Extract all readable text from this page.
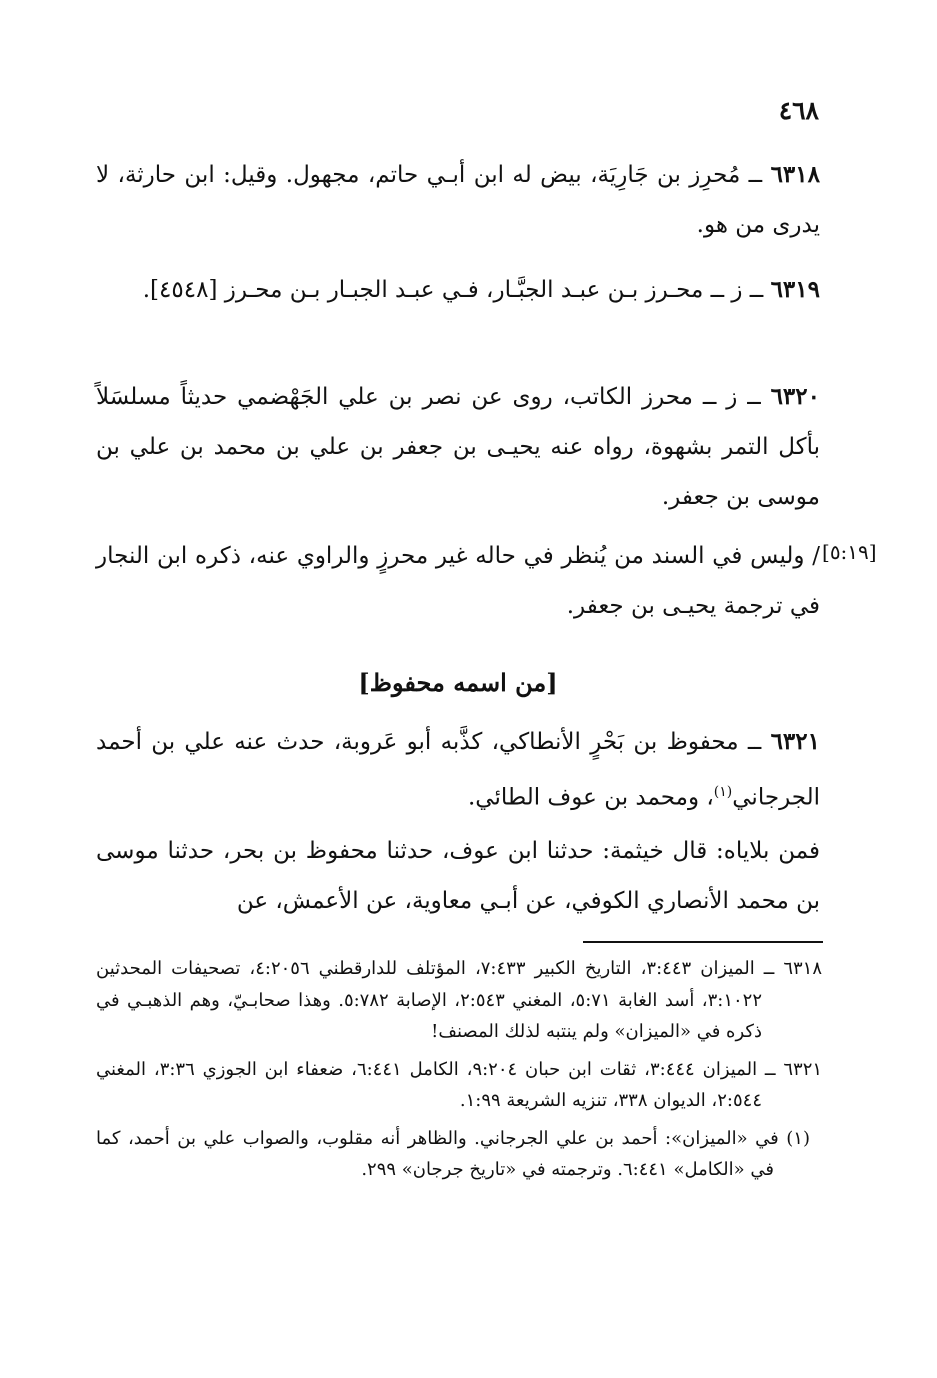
٤٦٨

٦٣١٨ ــ مُحرِز بن جَارِيَة، بيض له ابن أبـي حاتم، مجهول. وقيل: ابن حارثة، لا يدرى من هو.

٦٣١٩ ــ ز ــ محـرز بـن عبـد الجبَّـار، فـي عبـد الجبـار بـن محـرز [٤٥٤٨].

٦٣٢٠ ــ ز ــ محرز الكاتب، روى عن نصر بن علي الجَهْضمي حديثاً مسلسَلاً بأكل التمر بشهوة، رواه عنه يحيـى بن جعفر بن علي بن محمد بن علي بن موسى بن جعفر.

/ وليس في السند من يُنظر في حاله غير محرزٍ والراوي عنه، ذكره ابن النجار في ترجمة يحيـى بن جعفر.

[٥:١٩]
[من اسمه محفوظ]

٦٣٢١ ــ محفوظ بن بَحْرٍ الأنطاكي، كذَّبه أبو عَروبة، حدث عنه علي بن أحمد الجرجاني$^{(١)}$، ومحمد بن عوف الطائي.

فمن بلاياه: قال خيثمة: حدثنا ابن عوف، حدثنا محفوظ بن بحر، حدثنا موسى بن محمد الأنصاري الكوفي، عن أبـي معاوية، عن الأعمش، عن

٦٣١٨ ــ الميزان ٣:٤٤٣، التاريخ الكبير ٧:٤٣٣، المؤتلف للدارقطني ٤:٢٠٥٦، تصحيفات المحدثين ٣:١٠٢٢، أسد الغابة ٥:٧١، المغني ٢:٥٤٣، الإصابة ٥:٧٨٢. وهذا صحابـيّ، وهم الذهبـي في ذكره في «الميزان» ولم ينتبه لذلك المصنف!

٦٣٢١ ــ الميزان ٣:٤٤٤، ثقات ابن حبان ٩:٢٠٤، الكامل ٦:٤٤١، ضعفاء ابن الجوزي ٣:٣٦، المغني ٢:٥٤٤، الديوان ٣٣٨، تنزيه الشريعة ١:٩٩.

(١) في «الميزان»: أحمد بن علي الجرجاني. والظاهر أنه مقلوب، والصواب علي بن أحمد، كما في «الكامل» ٦:٤٤١. وترجمته في «تاريخ جرجان» ٢٩٩.
